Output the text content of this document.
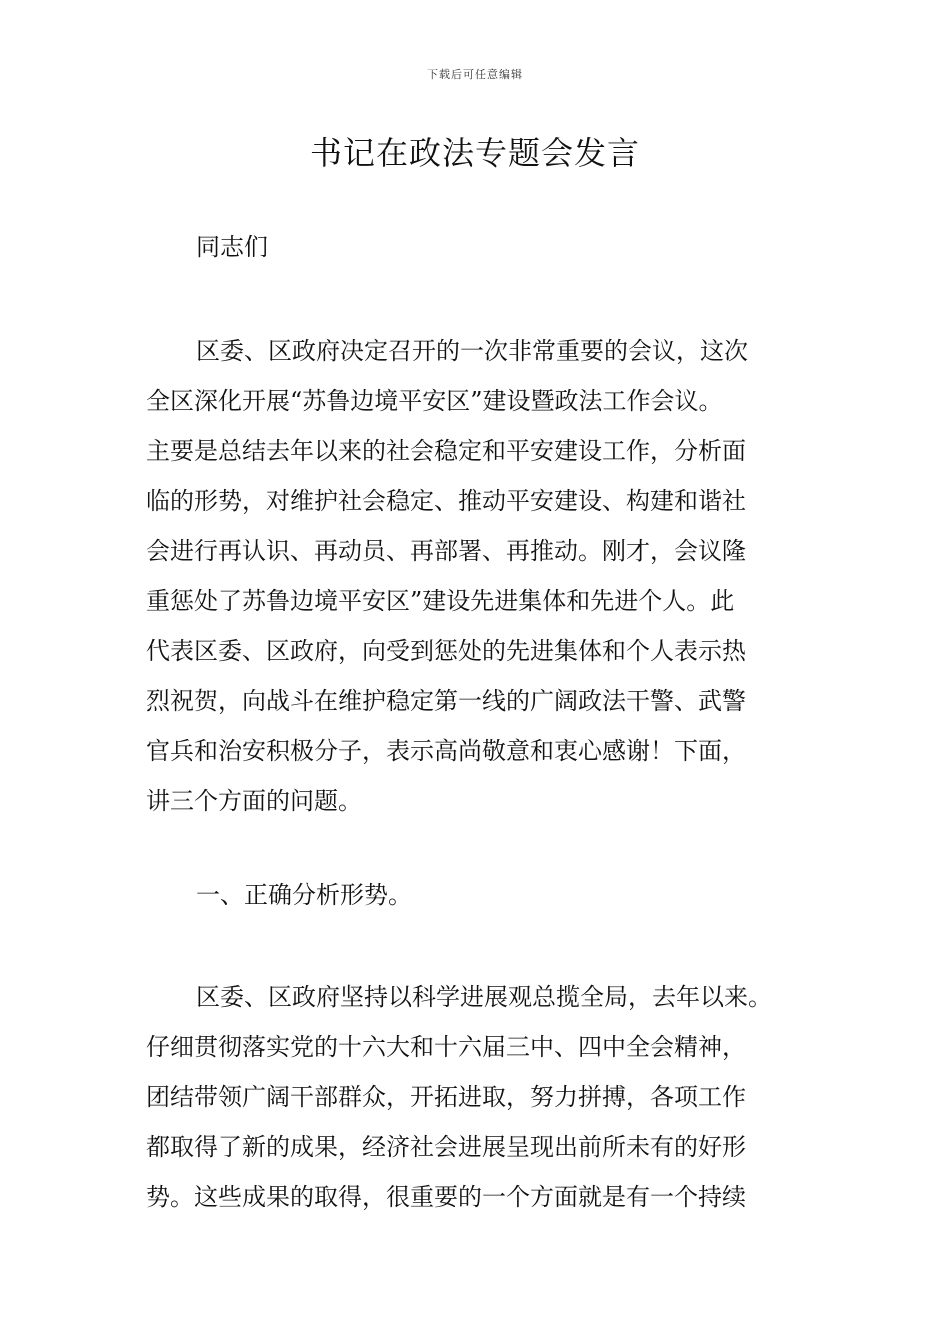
下载后可任意编辑
书记在政法专题会发言

同志们

区委、区政府决定召开的一次非常重要的会议，这次
全区深化开展“苏鲁边境平安区”建设暨政法工作会议。
主要是总结去年以来的社会稳定和平安建设工作，分析面
临的形势，对维护社会稳定、推动平安建设、构建和谐社
会进行再认识、再动员、再部署、再推动。刚才，会议隆
重惩处了苏鲁边境平安区”建设先进集体和先进个人。此
代表区委、区政府，向受到惩处的先进集体和个人表示热
烈祝贺，向战斗在维护稳定第一线的广阔政法干警、武警
官兵和治安积极分子，表示高尚敬意和衷心感谢！下面，
讲三个方面的问题。

一、正确分析形势。

区委、区政府坚持以科学进展观总揽全局，去年以来。
仔细贯彻落实党的十六大和十六届三中、四中全会精神，
团结带领广阔干部群众，开拓进取，努力拼搏，各项工作
都取得了新的成果，经济社会进展呈现出前所未有的好形
势。这些成果的取得，很重要的一个方面就是有一个持续
